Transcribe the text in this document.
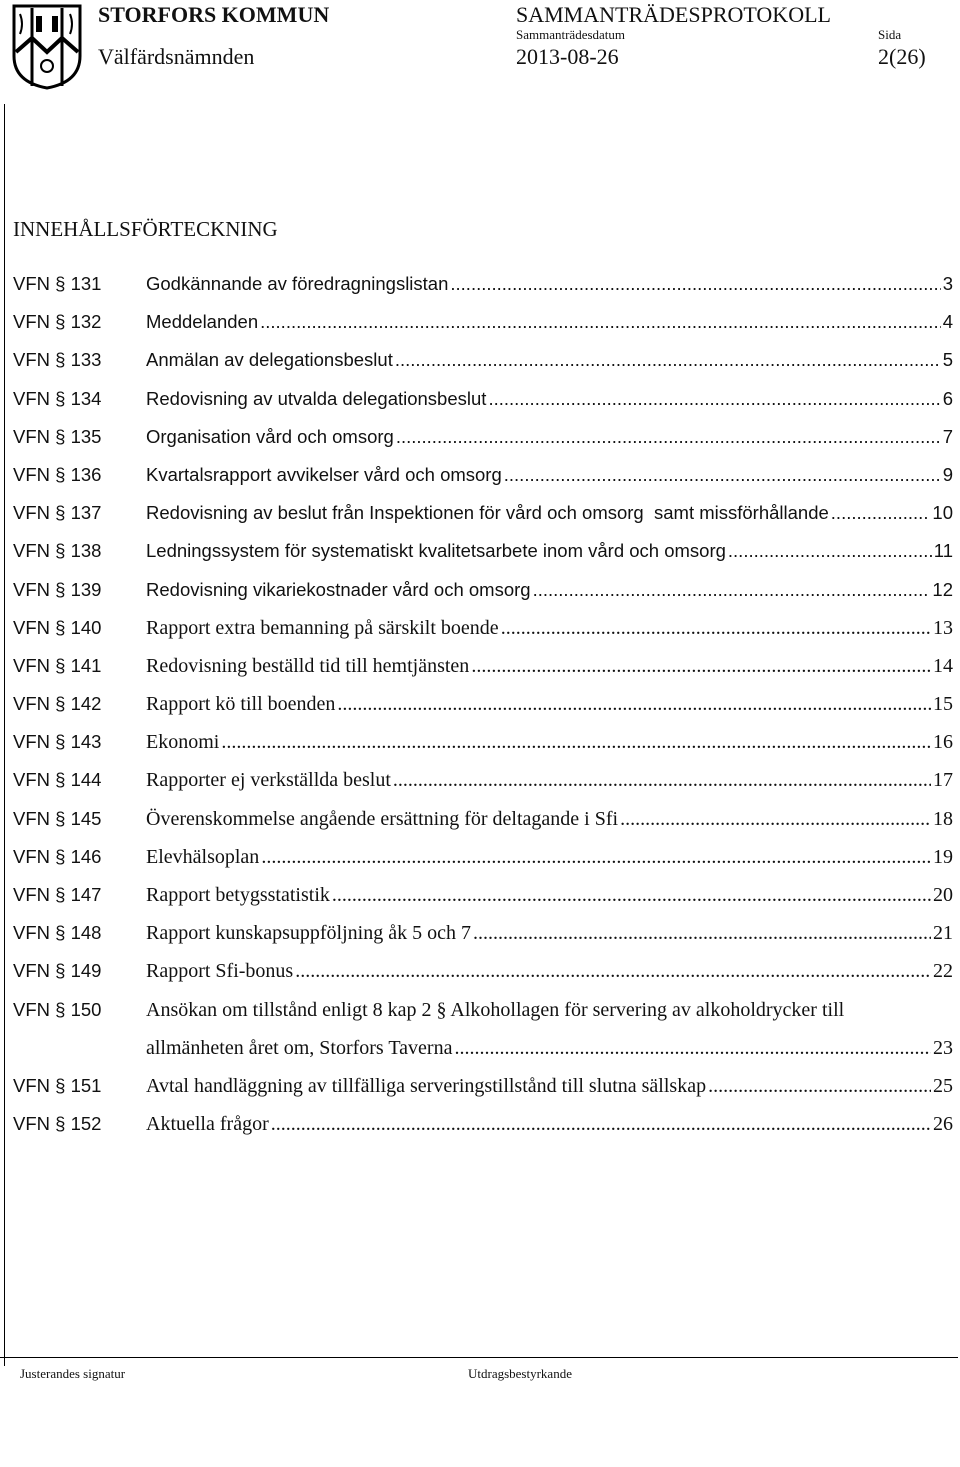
STORFORS KOMMUN
Välfärdsnämnden
SAMMANTRÄDESPROTOKOLL
Sammanträdesdatum
2013-08-26
Sida
2(26)
INNEHÅLLSFÖRTECKNING
VFN § 131 Godkännande av föredragningslistan .....	3
VFN § 132 Meddelanden .....	4
VFN § 133 Anmälan av delegationsbeslut .....	5
VFN § 134 Redovisning av utvalda delegationsbeslut .....	6
VFN § 135 Organisation vård och omsorg .....	7
VFN § 136 Kvartalsrapport avvikelser vård och omsorg .....	9
VFN § 137 Redovisning av beslut från Inspektionen för vård och omsorg  samt missförhållande .....	10
VFN § 138 Ledningssystem för systematiskt kvalitetsarbete inom vård och omsorg .....	11
VFN § 139 Redovisning vikariekostnader vård och omsorg .....	12
VFN § 140 Rapport extra bemanning på särskilt boende .....	13
VFN § 141 Redovisning beställd tid till hemtjänsten .....	14
VFN § 142 Rapport kö till boenden .....	15
VFN § 143 Ekonomi .....	16
VFN § 144 Rapporter ej verkställda beslut .....	17
VFN § 145 Överenskommelse angående ersättning för deltagande i Sfi .....	18
VFN § 146 Elevhälsoplan .....	19
VFN § 147 Rapport betygsstatistik .....	20
VFN § 148 Rapport kunskapsuppföljning åk 5 och 7 .....	21
VFN § 149 Rapport Sfi-bonus .....	22
VFN § 150 Ansökan om tillstånd enligt 8 kap 2 § Alkohollagen för servering av alkoholdrycker till
allmänheten året om, Storfors Taverna .....	23
VFN § 151 Avtal handläggning av tillfälliga serveringstillstånd till slutna sällskap .....	25
VFN § 152 Aktuella frågor .....	26
Justerandes signatur	Utdragsbestyrkande
